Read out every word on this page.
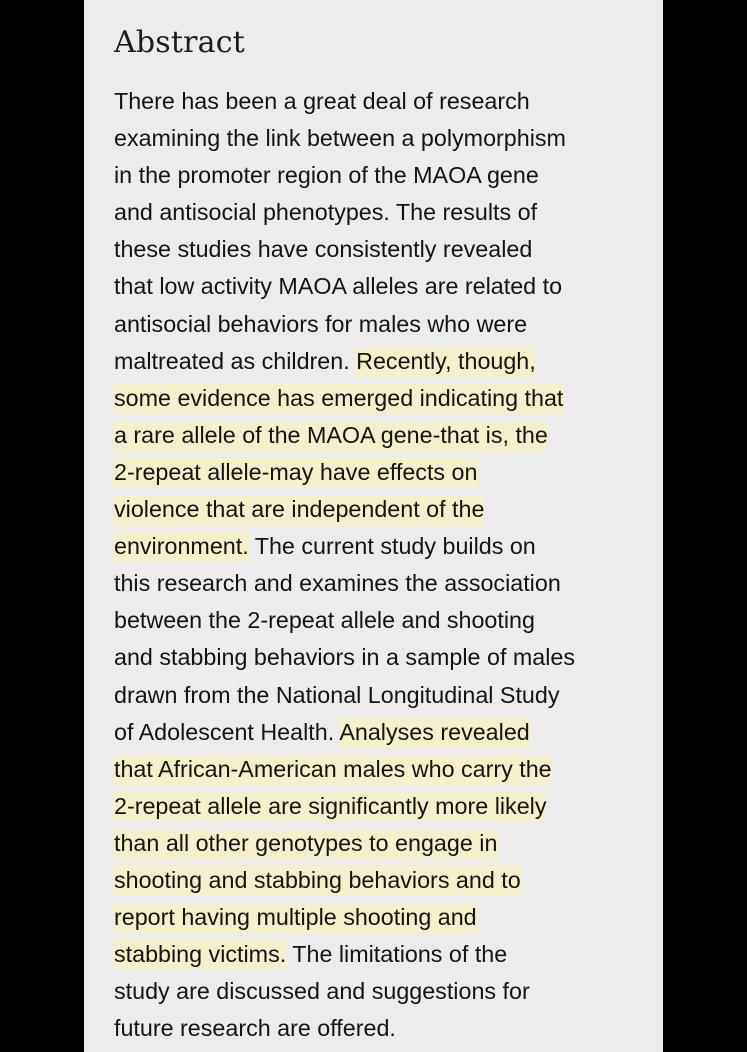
Abstract
There has been a great deal of research
examining the link between a polymorphism
in the promoter region of the MAOA gene
and antisocial phenotypes. The results of
these studies have consistently revealed
that low activity MAOA alleles are related to
antisocial behaviors for males who were
maltreated as children. Recently, though,
some evidence has emerged indicating that
a rare allele of the MAOA gene-that is, the
2-repeat allele-may have effects on
violence that are independent of the
environment. The current study builds on
this research and examines the association
between the 2-repeat allele and shooting
and stabbing behaviors in a sample of males
drawn from the National Longitudinal Study
of Adolescent Health. Analyses revealed
that African-American males who carry the
2-repeat allele are significantly more likely
than all other genotypes to engage in
shooting and stabbing behaviors and to
report having multiple shooting and
stabbing victims. The limitations of the
study are discussed and suggestions for
future research are offered.
